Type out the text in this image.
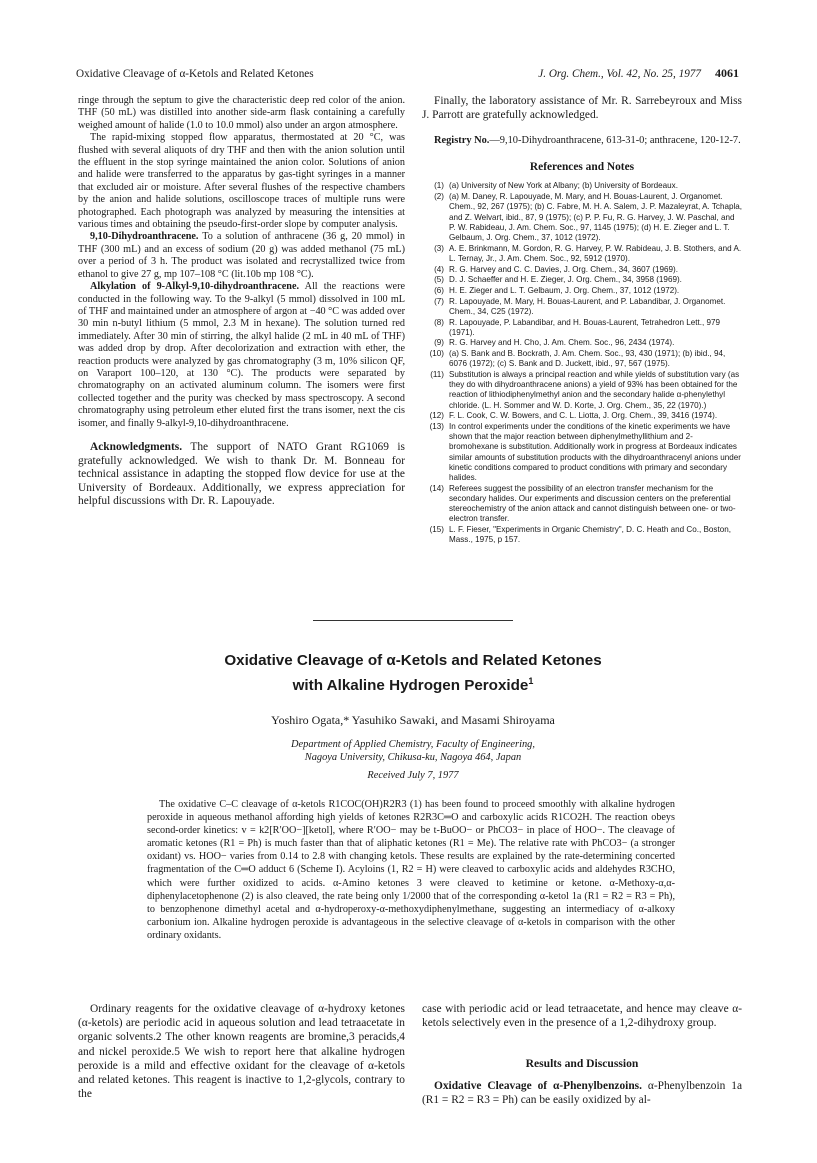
Oxidative Cleavage of α-Ketols and Related Ketones	J. Org. Chem., Vol. 42, No. 25, 1977 4061

ringe through the septum to give the characteristic deep red color of the anion. THF (50 mL) was distilled into another side-arm flask containing a carefully weighed amount of halide (1.0 to 10.0 mmol) also under an argon atmosphere.

The rapid-mixing stopped flow apparatus, thermostated at 20 °C, was flushed with several aliquots of dry THF and then with the anion solution until the effluent in the stop syringe maintained the anion color. Solutions of anion and halide were transferred to the apparatus by gas-tight syringes in a manner that excluded air or moisture. After several flushes of the respective chambers by the anion and halide solutions, oscilloscope traces of multiple runs were photographed. Each photograph was analyzed by measuring the intensities at various times and obtaining the pseudo-first-order slope by computer analysis.

9,10-Dihydroanthracene. To a solution of anthracene (36 g, 20 mmol) in THF (300 mL) and an excess of sodium (20 g) was added methanol (75 mL) over a period of 3 h. The product was isolated and recrystallized twice from ethanol to give 27 g, mp 107–108 °C (lit.10b mp 108 °C).

Alkylation of 9-Alkyl-9,10-dihydroanthracene. All the reactions were conducted in the following way. To the 9-alkyl (5 mmol) dissolved in 100 mL of THF and maintained under an atmosphere of argon at −40 °C was added over 30 min n-butyl lithium (5 mmol, 2.3 M in hexane). The solution turned red immediately. After 30 min of stirring, the alkyl halide (2 mL in 40 mL of THF) was added drop by drop. After decolorization and extraction with ether, the reaction products were analyzed by gas chromatography (3 m, 10% silicon QF, on Varaport 100–120, at 130 °C). The products were separated by chromatography on an activated aluminum column. The isomers were first collected together and the purity was checked by mass spectroscopy. A second chromatography using petroleum ether eluted first the trans isomer, next the cis isomer, and finally 9-alkyl-9,10-dihydroanthracene.

Acknowledgments. The support of NATO Grant RG1069 is gratefully acknowledged. We wish to thank Dr. M. Bonneau for technical assistance in adapting the stopped flow device for use at the University of Bordeaux. Additionally, we express appreciation for helpful discussions with Dr. R. Lapouyade.

Finally, the laboratory assistance of Mr. R. Sarrebeyroux and Miss J. Parrott are gratefully acknowledged.

Registry No.—9,10-Dihydroanthracene, 613-31-0; anthracene, 120-12-7.

References and Notes

(1) (a) University of New York at Albany; (b) University of Bordeaux.
(2) (a) M. Daney, R. Lapouyade, M. Mary, and H. Bouas-Laurent, J. Organomet. Chem., 92, 267 (1975); (b) C. Fabre, M. H. A. Salem, J. P. Mazaleyrat, A. Tchapla, and Z. Welvart, ibid., 87, 9 (1975); (c) P. P. Fu, R. G. Harvey, J. W. Paschal, and P. W. Rabideau, J. Am. Chem. Soc., 97, 1145 (1975); (d) H. E. Zieger and L. T. Gelbaum, J. Org. Chem., 37, 1012 (1972).
(3) A. E. Brinkmann, M. Gordon, R. G. Harvey, P. W. Rabideau, J. B. Stothers, and A. L. Ternay, Jr., J. Am. Chem. Soc., 92, 5912 (1970).
(4) R. G. Harvey and C. C. Davies, J. Org. Chem., 34, 3607 (1969).
(5) D. J. Schaeffer and H. E. Zieger, J. Org. Chem., 34, 3958 (1969).
(6) H. E. Zieger and L. T. Gelbaum, J. Org. Chem., 37, 1012 (1972).
(7) R. Lapouyade, M. Mary, H. Bouas-Laurent, and P. Labandibar, J. Organomet. Chem., 34, C25 (1972).
(8) R. Lapouyade, P. Labandibar, and H. Bouas-Laurent, Tetrahedron Lett., 979 (1971).
(9) R. G. Harvey and H. Cho, J. Am. Chem. Soc., 96, 2434 (1974).
(10) (a) S. Bank and B. Bockrath, J. Am. Chem. Soc., 93, 430 (1971); (b) ibid., 94, 6076 (1972); (c) S. Bank and D. Juckett, ibid., 97, 567 (1975).
(11) Substitution is always a principal reaction and while yields of substitution vary (as they do with dihydroanthracene anions) a yield of 93% has been obtained for the reaction of lithiodiphenylmethyl anion and the secondary halide α-phenylethyl chloride. (L. H. Sommer and W. D. Korte, J. Org. Chem., 35, 22 (1970).)
(12) F. L. Cook, C. W. Bowers, and C. L. Liotta, J. Org. Chem., 39, 3416 (1974).
(13) In control experiments under the conditions of the kinetic experiments we have shown that the major reaction between diphenylmethyllithium and 2-bromohexane is substitution. Additionally work in progress at Bordeaux indicates similar amounts of substitution products with the dihydroanthracenyl anions under kinetic conditions compared to product conditions with primary and secondary halides.
(14) Referees suggest the possibility of an electron transfer mechanism for the secondary halides. Our experiments and discussion centers on the preferential stereochemistry of the anion attack and cannot distinguish between one- or two-electron transfer.
(15) L. F. Fieser, "Experiments in Organic Chemistry", D. C. Heath and Co., Boston, Mass., 1975, p 157.
Oxidative Cleavage of α-Ketols and Related Ketones
with Alkaline Hydrogen Peroxide$^1$
Yoshiro Ogata,* Yasuhiko Sawaki, and Masami Shiroyama
Department of Applied Chemistry, Faculty of Engineering,
Nagoya University, Chikusa-ku, Nagoya 464, Japan
Received July 7, 1977
The oxidative C–C cleavage of α-ketols R1COC(OH)R2R3 (1) has been found to proceed smoothly with alkaline hydrogen peroxide in aqueous methanol affording high yields of ketones R2R3C═O and carboxylic acids R1CO2H. The reaction obeys second-order kinetics: v = k2[R′OO−][ketol], where R′OO− may be t-BuOO− or PhCO3− in place of HOO−. The cleavage of aromatic ketones (R1 = Ph) is much faster than that of aliphatic ketones (R1 = Me). The relative rate with PhCO3− (a stronger oxidant) vs. HOO− varies from 0.14 to 2.8 with changing ketols. These results are explained by the rate-determining concerted fragmentation of the C═O adduct 6 (Scheme I). Acyloins (1, R2 = H) were cleaved to carboxylic acids and aldehydes R3CHO, which were further oxidized to acids. α-Amino ketones 3 were cleaved to ketimine or ketone. α-Methoxy-α,α-diphenylacetophenone (2) is also cleaved, the rate being only 1/2000 that of the corresponding α-ketol 1a (R1 = R2 = R3 = Ph), to benzophenone dimethyl acetal and α-hydroperoxy-α-methoxydiphenylmethane, suggesting an intermediacy of α-alkoxy carbonium ion. Alkaline hydrogen peroxide is advantageous in the selective cleavage of α-ketols in comparison with the other ordinary oxidants.
Ordinary reagents for the oxidative cleavage of α-hydroxy ketones (α-ketols) are periodic acid in aqueous solution and lead tetraacetate in organic solvents.2 The other known reagents are bromine,3 peracids,4 and nickel peroxide.5 We wish to report here that alkaline hydrogen peroxide is a mild and effective oxidant for the cleavage of α-ketols and related ketones. This reagent is inactive to 1,2-glycols, contrary to the
case with periodic acid or lead tetraacetate, and hence may cleave α-ketols selectively even in the presence of a 1,2-dihydroxy group.
Results and Discussion
Oxidative Cleavage of α-Phenylbenzoins. α-Phenylbenzoin 1a (R1 = R2 = R3 = Ph) can be easily oxidized by al-
